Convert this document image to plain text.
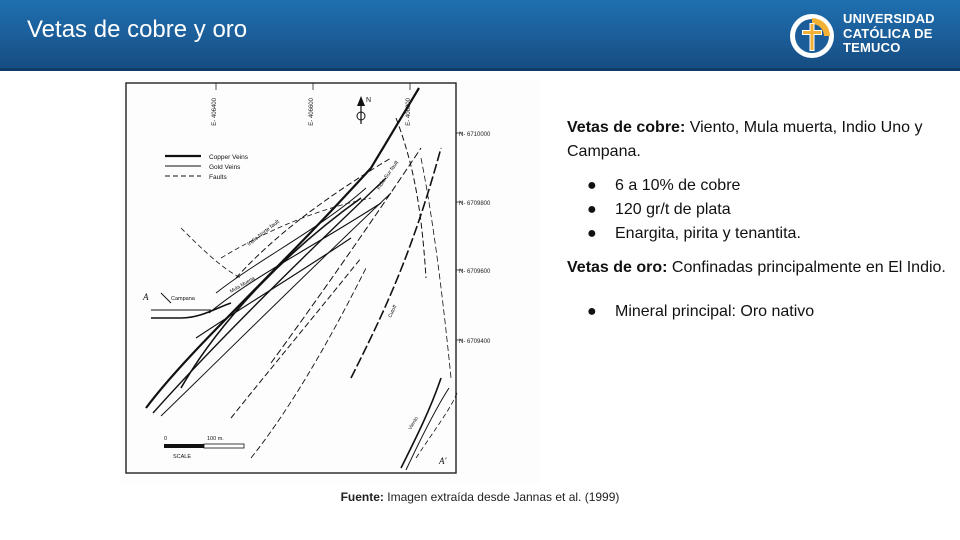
Vetas de cobre y oro	UNIVERSIDAD
CATÓLICA DE
TEMUCO
E- 406400	E- 406600	E- 406800
N
N- 6710000
N- 6709800
N- 6709600
N- 6709400
Copper Veins
Gold Veins
Faults
Indio Norte fault
Indio Sur fault
Campana
Mula Muerta
Viento
Cutoff
A
A'
0	100 m.
SCALE

Vetas de cobre: Viento, Mula muerta, Indio Uno y Campana.

● 6 a 10% de cobre
● 120 gr/t de plata
● Enargita, pirita y tenantita.

Vetas de oro: Confinadas principalmente en El Indio.

● Mineral principal: Oro nativo
Fuente: Imagen extraída desde Jannas et al. (1999)
